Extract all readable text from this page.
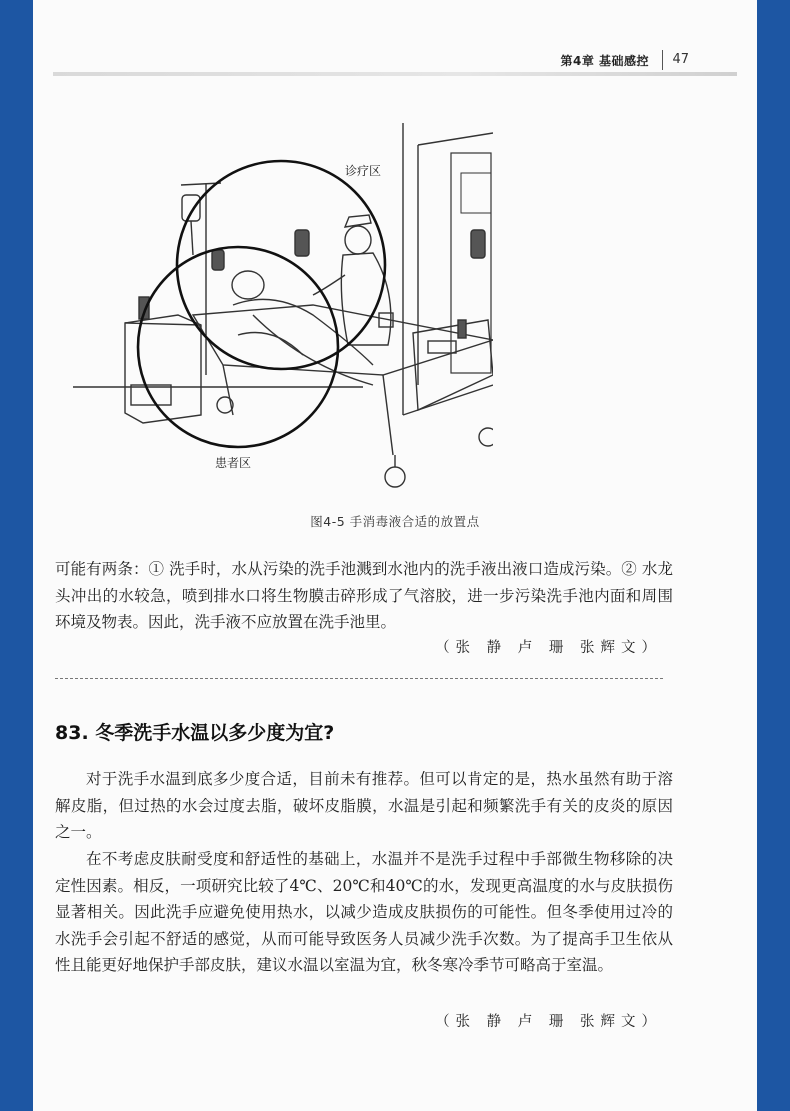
第4章 基础感控 47
诊疗区
患者区
图4-5 手消毒液合适的放置点

可能有两条：① 洗手时，水从污染的洗手池溅到水池内的洗手液出液口造成污染。② 水龙头冲出的水较急，喷到排水口将生物膜击碎形成了气溶胶，进一步污染洗手池内面和周围环境及物表。因此，洗手液不应放置在洗手池里。

（张 静 卢 珊 张辉文）
83. 冬季洗手水温以多少度为宜?

对于洗手水温到底多少度合适，目前未有推荐。但可以肯定的是，热水虽然有助于溶解皮脂，但过热的水会过度去脂，破坏皮脂膜，水温是引起和频繁洗手有关的皮炎的原因之一。

在不考虑皮肤耐受度和舒适性的基础上，水温并不是洗手过程中手部微生物移除的决定性因素。相反，一项研究比较了4℃、20℃和40℃的水，发现更高温度的水与皮肤损伤显著相关。因此洗手应避免使用热水，以减少造成皮肤损伤的可能性。但冬季使用过冷的水洗手会引起不舒适的感觉，从而可能导致医务人员减少洗手次数。为了提高手卫生依从性且能更好地保护手部皮肤，建议水温以室温为宜，秋冬寒冷季节可略高于室温。

（张 静 卢 珊 张辉文）
